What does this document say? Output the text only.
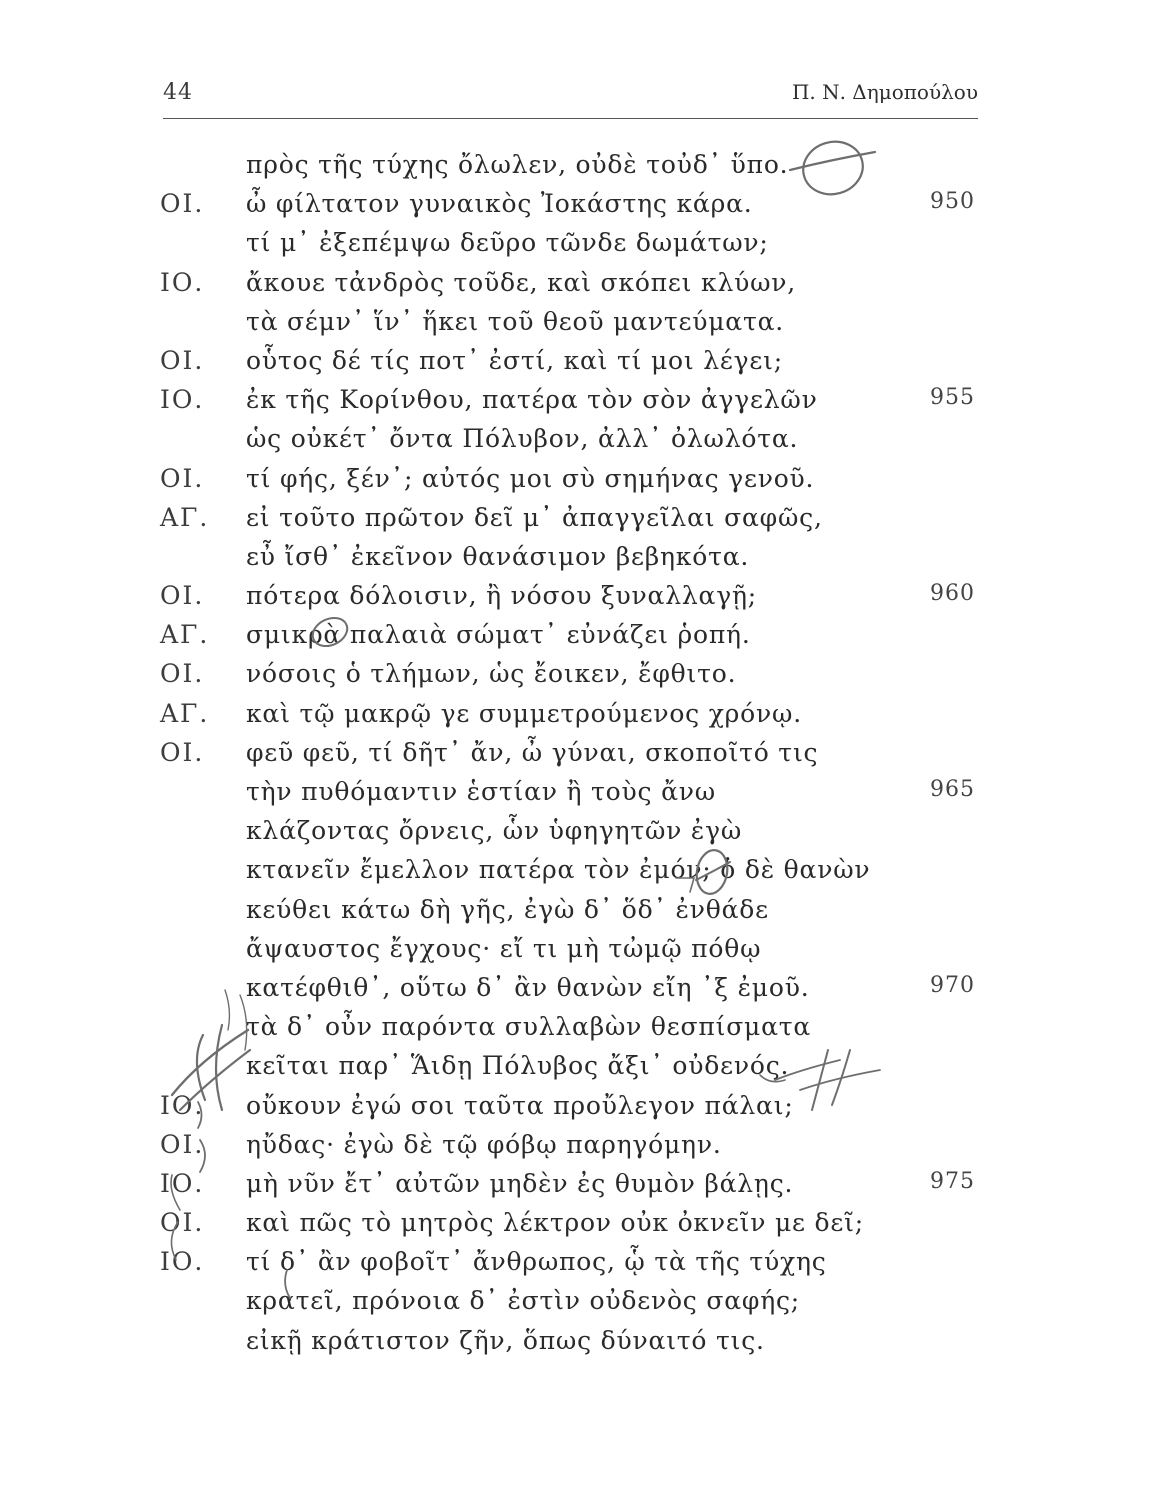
44	Π. Ν. Δημοπούλου
πρὸς τῆς τύχης ὄλωλεν, οὐδὲ τοὐδ᾽ ὕπο.
ΟΙ. ὦ φίλτατον γυναικὸς Ἰοκάστης κάρα.	950
τί μ᾽ ἐξεπέμψω δεῦρο τῶνδε δωμάτων;
ΙΟ. ἄκουε τἀνδρὸς τοῦδε, καὶ σκόπει κλύων,
τὰ σέμν᾽ ἵν᾽ ἥκει τοῦ θεοῦ μαντεύματα.
ΟΙ. οὗτος δέ τίς ποτ᾽ ἐστί, καὶ τί μοι λέγει;
ΙΟ. ἐκ τῆς Κορίνθου, πατέρα τὸν σὸν ἀγγελῶν	955
ὡς οὐκέτ᾽ ὄντα Πόλυβον, ἀλλ᾽ ὀλωλότα.
ΟΙ. τί φής, ξέν᾽; αὐτός μοι σὺ σημήνας γενοῦ.
ΑΓ. εἰ τοῦτο πρῶτον δεῖ μ᾽ ἀπαγγεῖλαι σαφῶς,
εὖ ἴσθ᾽ ἐκεῖνον θανάσιμον βεβηκότα.
ΟΙ. πότερα δόλοισιν, ἢ νόσου ξυναλλαγῇ;	960
ΑΓ. σμικρὰ παλαιὰ σώματ᾽ εὐνάζει ῥοπή.
ΟΙ. νόσοις ὁ τλήμων, ὡς ἔοικεν, ἔφθιτο.
ΑΓ. καὶ τῷ μακρῷ γε συμμετρούμενος χρόνῳ.
ΟΙ. φεῦ φεῦ, τί δῆτ᾽ ἄν, ὦ γύναι, σκοποῖτό τις
τὴν πυθόμαντιν ἑστίαν ἢ τοὺς ἄνω	965
κλάζοντας ὄρνεις, ὧν ὑφηγητῶν ἐγὼ
κτανεῖν ἔμελλον πατέρα τὸν ἐμόν; ὁ δὲ θανὼν
κεύθει κάτω δὴ γῆς, ἐγὼ δ᾽ ὅδ᾽ ἐνθάδε
ἄψαυστος ἔγχους· εἴ τι μὴ τὠμῷ πόθῳ
κατέφθιθ᾽, οὕτω δ᾽ ἂν θανὼν εἴη ᾽ξ ἐμοῦ.	970
τὰ δ᾽ οὖν παρόντα συλλαβὼν θεσπίσματα
κεῖται παρ᾽ Ἅιδῃ Πόλυβος ἄξι᾽ οὐδενός.
ΙΟ. οὔκουν ἐγώ σοι ταῦτα προὔλεγον πάλαι;
ΟΙ. ηὔδας· ἐγὼ δὲ τῷ φόβῳ παρηγόμην.
ΙΟ. μὴ νῦν ἔτ᾽ αὐτῶν μηδὲν ἐς θυμὸν βάλῃς.	975
ΟΙ. καὶ πῶς τὸ μητρὸς λέκτρον οὐκ ὀκνεῖν με δεῖ;
ΙΟ. τί δ᾽ ἂν φοβοῖτ᾽ ἄνθρωπος, ᾧ τὰ τῆς τύχης
κρατεῖ, πρόνοια δ᾽ ἐστὶν οὐδενὸς σαφής;
εἰκῇ κράτιστον ζῆν, ὅπως δύναιτό τις.
